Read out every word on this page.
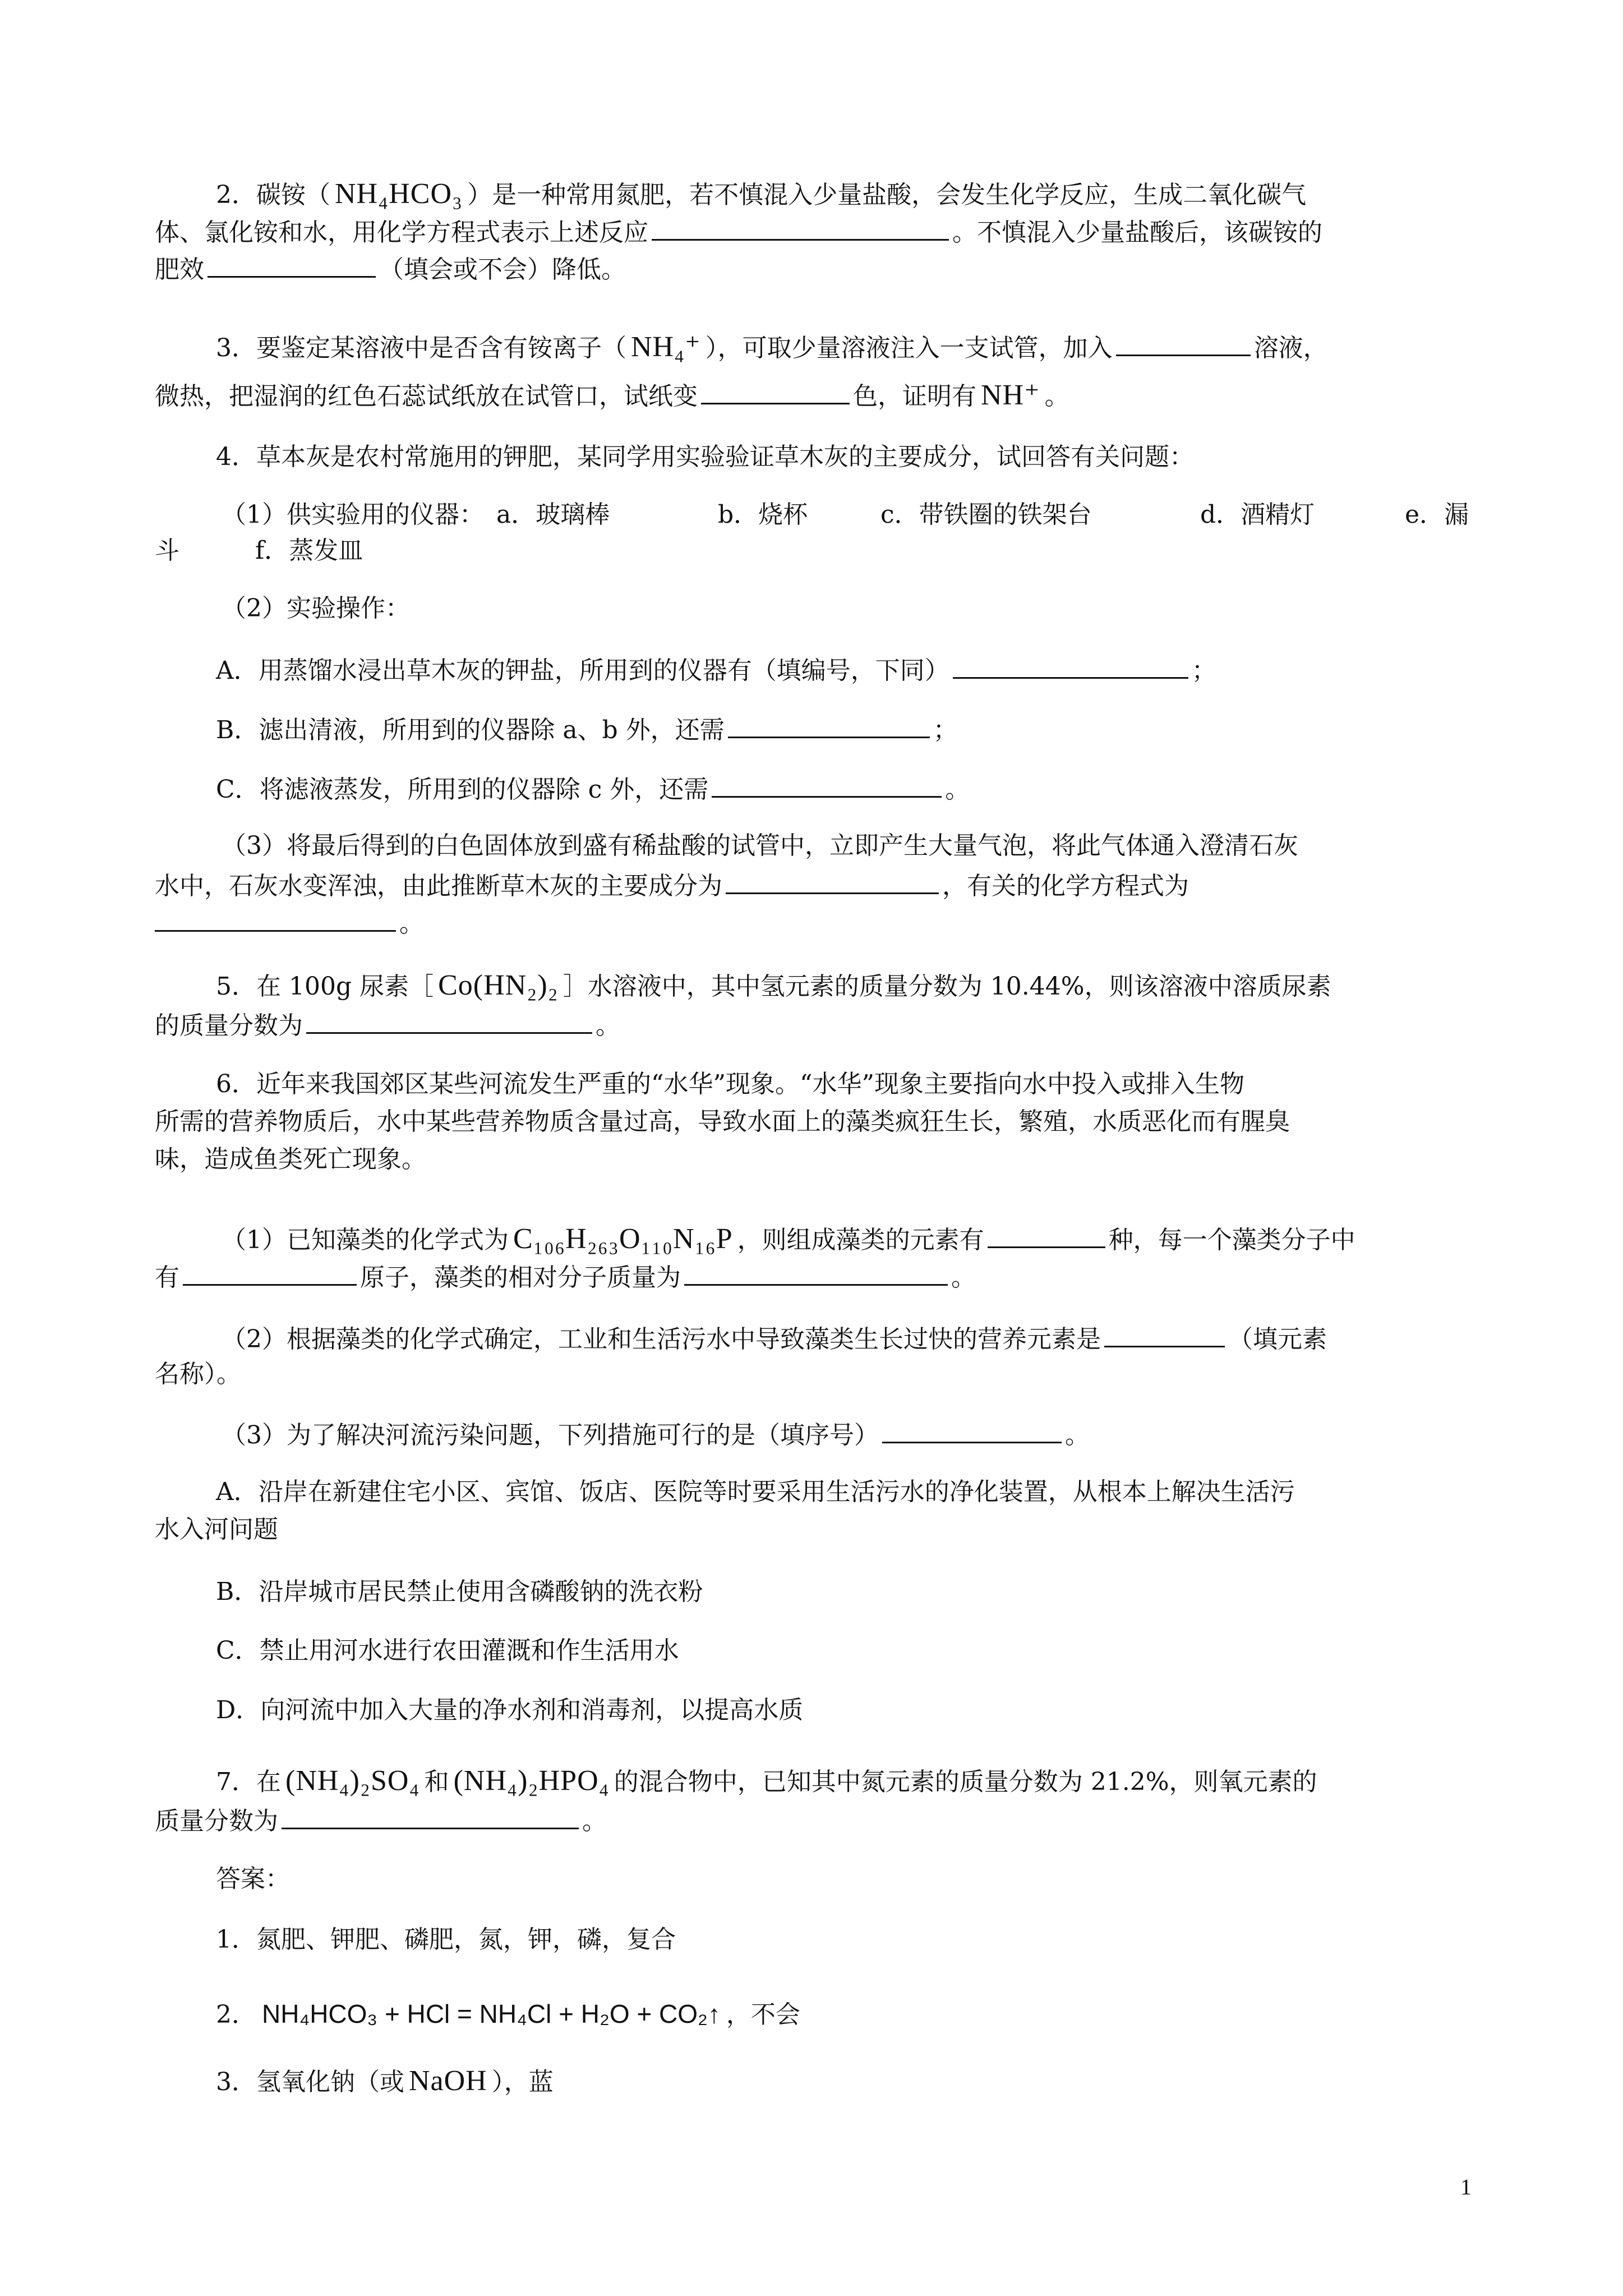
2．碳铵（ NH₄HCO₃ ）是一种常用氮肥，若不慎混入少量盐酸，会发生化学反应，生成二氧化碳气
体、氯化铵和水，用化学方程式表示上述反应	。不慎混入少量盐酸后，该碳铵的
肥效	（填会或不会）降低。
3．要鉴定某溶液中是否含有铵离子（ NH₄⁺ ），可取少量溶液注入一支试管，加入	溶液，
微热，把湿润的红色石蕊试纸放在试管口，试纸变	色，证明有 NH⁺ 。
4．草本灰是农村常施用的钾肥，某同学用实验验证草木灰的主要成分，试回答有关问题：
（1）供实验用的仪器： a．玻璃棒	b．烧杯	c．带铁圈的铁架台	d．酒精灯	e．漏
斗	f．蒸发皿
（2）实验操作：
A．用蒸馏水浸出草木灰的钾盐，所用到的仪器有（填编号，下同）	；
B．滤出清液，所用到的仪器除 a、b 外，还需	；
C．将滤液蒸发，所用到的仪器除 c 外，还需	。
（3）将最后得到的白色固体放到盛有稀盐酸的试管中，立即产生大量气泡，将此气体通入澄清石灰
水中，石灰水变浑浊，由此推断草木灰的主要成分为	，有关的化学方程式为
。
5．在 100g 尿素［ Co(HN₂)₂ ］水溶液中，其中氢元素的质量分数为 10.44%，则该溶液中溶质尿素
的质量分数为	。
6．近年来我国郊区某些河流发生严重的“水华”现象。“水华”现象主要指向水中投入或排入生物
所需的营养物质后，水中某些营养物质含量过高，导致水面上的藻类疯狂生长，繁殖，水质恶化而有腥臭
味，造成鱼类死亡现象。
（1）已知藻类的化学式为 C₁₀₆H₂₆₃O₁₁₀N₁₆P ，则组成藻类的元素有	种，每一个藻类分子中
有	原子，藻类的相对分子质量为	。
（2）根据藻类的化学式确定，工业和生活污水中导致藻类生长过快的营养元素是	（填元素
名称）。
（3）为了解决河流污染问题，下列措施可行的是（填序号）	。
A．沿岸在新建住宅小区、宾馆、饭店、医院等时要采用生活污水的净化装置，从根本上解决生活污
水入河问题
B．沿岸城市居民禁止使用含磷酸钠的洗衣粉
C．禁止用河水进行农田灌溉和作生活用水
D．向河流中加入大量的净水剂和消毒剂，以提高水质
7．在 (NH₄)₂SO₄ 和 (NH₄)₂HPO₄ 的混合物中，已知其中氮元素的质量分数为 21.2%，则氧元素的
质量分数为	。
答案：
1．氮肥、钾肥、磷肥，氮，钾，磷，复合
2． NH₄HCO₃ + HCl = NH₄Cl + H₂O + CO₂↑ ，不会
3．氢氧化钠（或 NaOH ），蓝
1
